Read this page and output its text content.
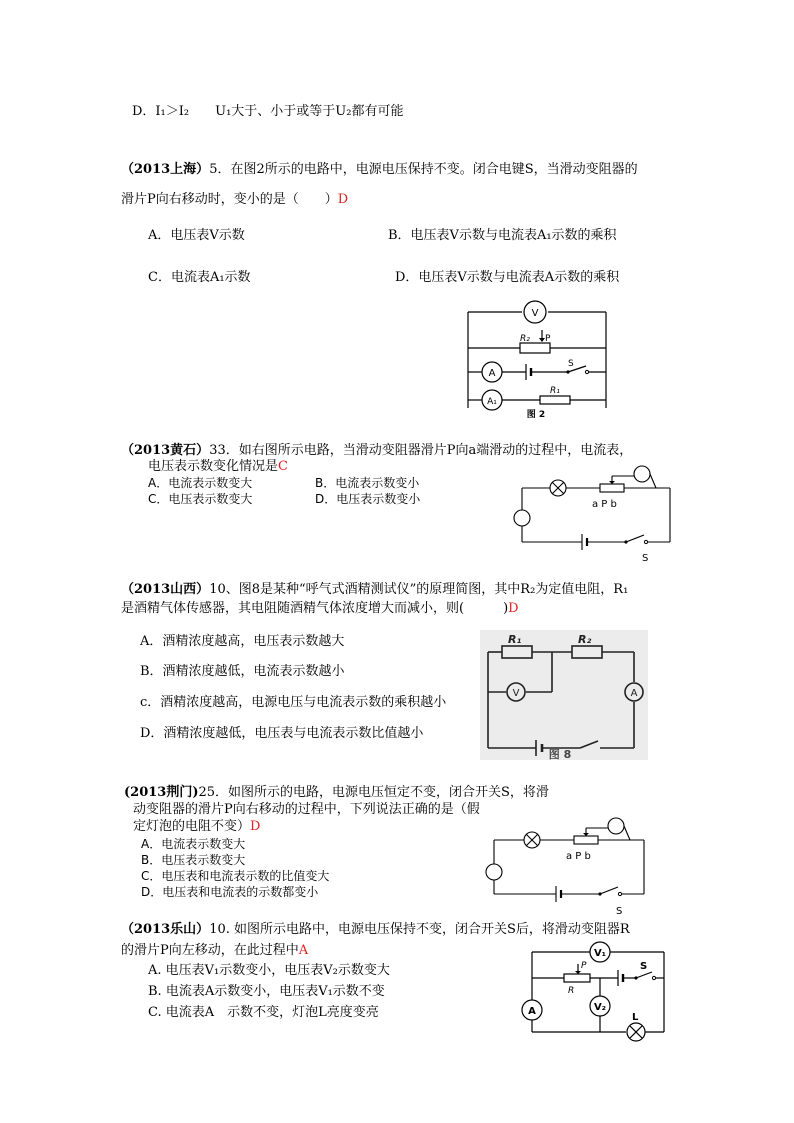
D．I₁＞I₂　　U₁大于、小于或等于U₂都有可能
（2013上海）5．在图2所示的电路中，电源电压保持不变。闭合电键S，当滑动变阻器的
滑片P向右移动时，变小的是（　　）D
A．电压表V示数	B．电压表V示数与电流表A₁示数的乘积
C．电流表A₁示数	D．电压表V示数与电流表A示数的乘积
V
R₂ P
A
S
A₁
R₁
图 2
（2013黄石）33．如右图所示电路，当滑动变阻器滑片P向a端滑动的过程中，电流表，
电压表示数变化情况是C
A．电流表示数变大	B．电流表示数变小
C．电压表示数变大	D．电压表示数变小	a P b
S
（2013山西）10、图8是某种“呼气式酒精测试仪”的原理简图，其中R₂为定值电阻，R₁
是酒精气体传感器，其电阻随酒精气体浓度增大而减小，则(　　　)D
A．酒精浓度越高，电压表示数越大
B．酒精浓度越低，电流表示数越小
c．酒精浓度越高，电源电压与电流表示数的乘积越小
D．酒精浓度越低，电压表与电流表示数比值越小
R₁	R₂
V	A
图 8
(2013荆门)25．如图所示的电路，电源电压恒定不变，闭合开关S，将滑
动变阻器的滑片P向右移动的过程中，下列说法正确的是（假
定灯泡的电阻不变）D
A．电流表示数变大
B．电压表示数变大
C．电压表和电流表示数的比值变大
D．电压表和电流表的示数都变小
a P b
S
（2013乐山）10. 如图所示电路中，电源电压保持不变，闭合开关S后，将滑动变阻器R
的滑片P向左移动，在此过程中A
A. 电压表V₁示数变小，电压表V₂示数变大
B. 电流表A示数变小，电压表V₁示数不变
C. 电流表A　示数不变，灯泡L亮度变亮
V₁
P
R
S
A	V₂
L
